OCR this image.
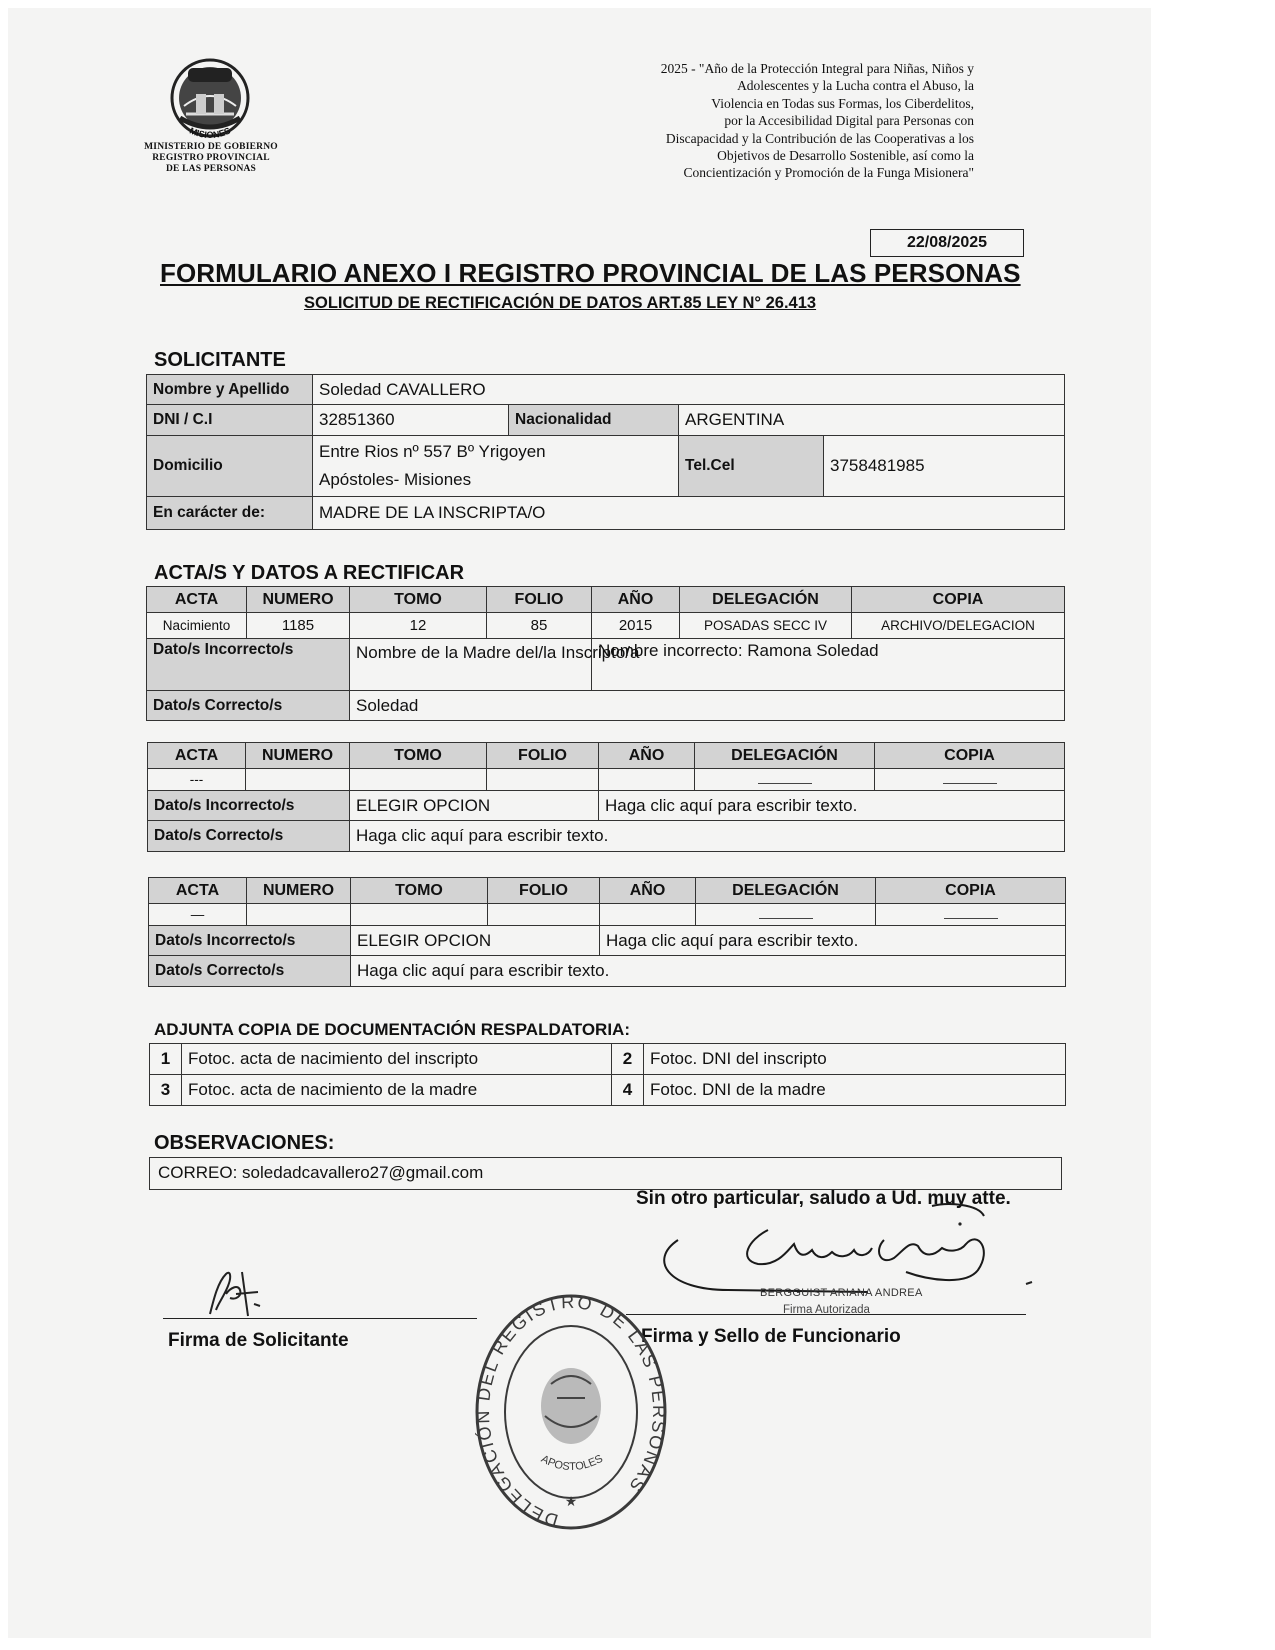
MISIONES
MINISTERIO DE GOBIERNO
REGISTRO PROVINCIAL
DE LAS PERSONAS
2025 - "Año de la Protección Integral para Niñas, Niños y
Adolescentes y la Lucha contra el Abuso, la
Violencia en Todas sus Formas, los Ciberdelitos,
por la Accesibilidad Digital para Personas con
Discapacidad y la Contribución de las Cooperativas a los
Objetivos de Desarrollo Sostenible, así como la
Concientización y Promoción de la Funga Misionera"
22/08/2025
FORMULARIO ANEXO I REGISTRO PROVINCIAL DE LAS PERSONAS
SOLICITUD DE RECTIFICACIÓN DE DATOS ART.85 LEY N° 26.413
SOLICITANTE
Nombre y Apellido	Soledad CAVALLERO			
DNI / C.I	32851360	Nacionalidad	ARGENTINA	
Domicilio	Entre Rios nº 557 Bº Yrigoyen
Apóstoles- Misiones		Tel.Cel	3758481985
En carácter de:	MADRE DE LA INSCRIPTA/O			
ACTA/S Y DATOS A RECTIFICAR
ACTA	NUMERO	TOMO	FOLIO	AÑO	DELEGACIÓN	COPIA
Nacimiento	1185	12	85	2015	POSADAS SECC IV	ARCHIVO/DELEGACION
Dato/s Incorrecto/s		Nombre de la Madre del/la Inscripto/a		Nombre incorrecto: Ramona Soledad		
Dato/s Correcto/s		Soledad				
ACTA	NUMERO	TOMO	FOLIO	AÑO	DELEGACIÓN	COPIA
---						
Dato/s Incorrecto/s		ELEGIR OPCION		Haga clic aquí para escribir texto.		
Dato/s Correcto/s		Haga clic aquí para escribir texto.				
ACTA	NUMERO	TOMO	FOLIO	AÑO	DELEGACIÓN	COPIA
—						
Dato/s Incorrecto/s		ELEGIR OPCION		Haga clic aquí para escribir texto.		
Dato/s Correcto/s		Haga clic aquí para escribir texto.				
ADJUNTA COPIA DE DOCUMENTACIÓN RESPALDATORIA:
1	Fotoc. acta de nacimiento del inscripto	2	Fotoc. DNI del inscripto
3	Fotoc. acta de nacimiento de la madre	4	Fotoc. DNI de la madre
OBSERVACIONES:
CORREO: soledadcavallero27@gmail.com
Sin otro particular, saludo a Ud. muy atte.
Firma de Solicitante
BERGGUIST ARIANA ANDREA
Firma Autorizada
Firma y Sello de Funcionario
DELEGACIÓN DEL REGISTRO DE LAS PERSONAS
APOSTOLES
★
